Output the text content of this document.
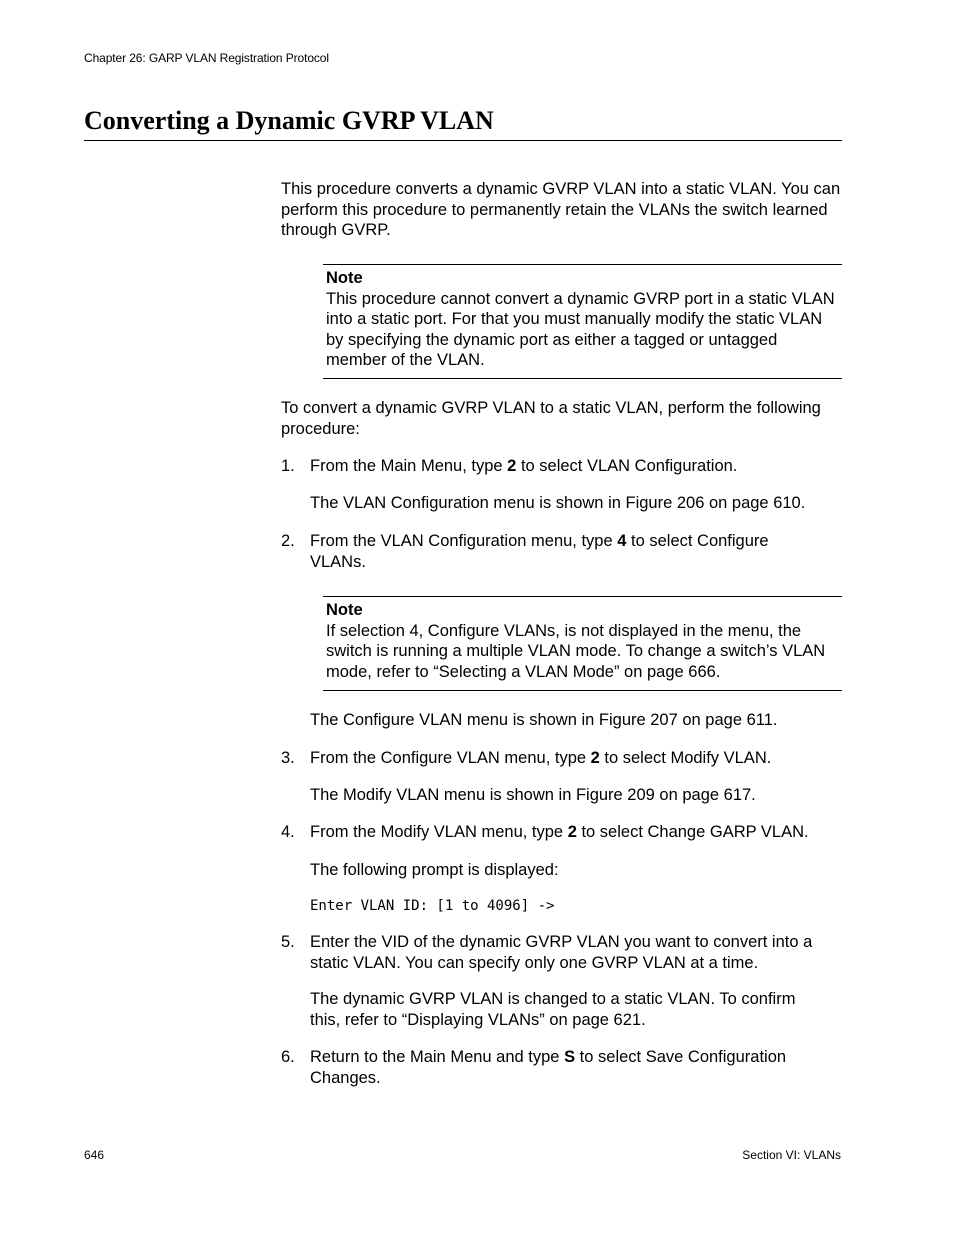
Chapter 26: GARP VLAN Registration Protocol
Converting a Dynamic GVRP VLAN
This procedure converts a dynamic GVRP VLAN into a static VLAN. You can perform this procedure to permanently retain the VLANs the switch learned through GVRP.
Note
This procedure cannot convert a dynamic GVRP port in a static VLAN into a static port. For that you must manually modify the static VLAN by specifying the dynamic port as either a tagged or untagged member of the VLAN.
To convert a dynamic GVRP VLAN to a static VLAN, perform the following procedure:
1. From the Main Menu, type 2 to select VLAN Configuration.
The VLAN Configuration menu is shown in Figure 206 on page 610.
2. From the VLAN Configuration menu, type 4 to select Configure VLANs.
Note
If selection 4, Configure VLANs, is not displayed in the menu, the switch is running a multiple VLAN mode. To change a switch’s VLAN mode, refer to “Selecting a VLAN Mode” on page 666.
The Configure VLAN menu is shown in Figure 207 on page 611.
3. From the Configure VLAN menu, type 2 to select Modify VLAN.
The Modify VLAN menu is shown in Figure 209 on page 617.
4. From the Modify VLAN menu, type 2 to select Change GARP VLAN.
The following prompt is displayed:
Enter VLAN ID: [1 to 4096] ->
5. Enter the VID of the dynamic GVRP VLAN you want to convert into a static VLAN. You can specify only one GVRP VLAN at a time.
The dynamic GVRP VLAN is changed to a static VLAN. To confirm this, refer to “Displaying VLANs” on page 621.
6. Return to the Main Menu and type S to select Save Configuration Changes.
646	Section VI: VLANs
